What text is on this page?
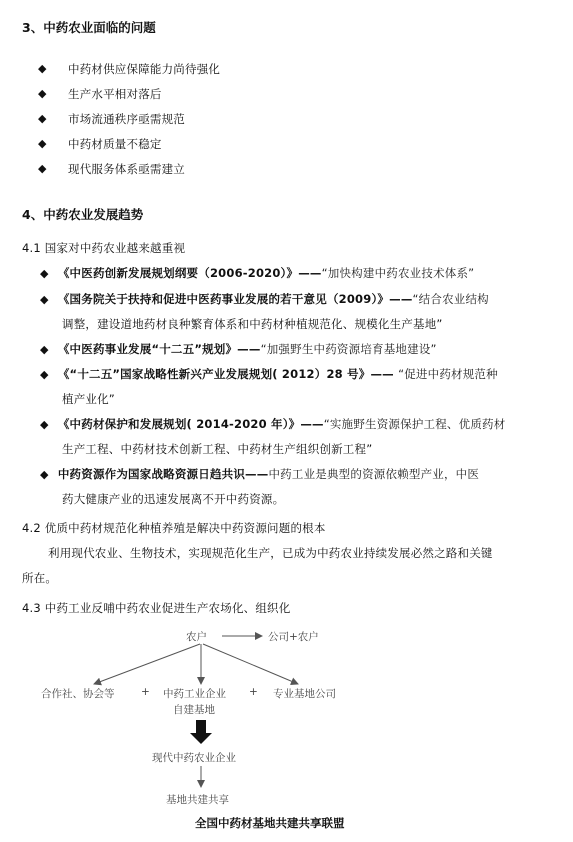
3、中药农业面临的问题
◆ 中药材供应保障能力尚待强化
◆ 生产水平相对落后
◆ 市场流通秩序亟需规范
◆ 中药材质量不稳定
◆ 现代服务体系亟需建立
4、中药农业发展趋势
4.1 国家对中药农业越来越重视
◆ 《中医药创新发展规划纲要（2006-2020）》——“加快构建中药农业技术体系”
◆ 《国务院关于扶持和促进中医药事业发展的若干意见（2009）》——“结合农业结构
调整，建设道地药材良种繁育体系和中药材种植规范化、规模化生产基地”
◆ 《中医药事业发展“十二五”规划》——“加强野生中药资源培育基地建设”
◆ 《“十二五”国家战略性新兴产业发展规划( 2012）28 号》—— “促进中药材规范种
植产业化”
◆ 《中药材保护和发展规划( 2014-2020 年）》——“实施野生资源保护工程、优质药材
生产工程、中药材技术创新工程、中药材生产组织创新工程”
◆ 中药资源作为国家战略资源日趋共识——中药工业是典型的资源依赖型产业，中医
药大健康产业的迅速发展离不开中药资源。
4.2 优质中药材规范化种植养殖是解决中药资源问题的根本
利用现代农业、生物技术，实现规范化生产，已成为中药农业持续发展必然之路和关键
所在。
4.3 中药工业反哺中药农业促进生产农场化、组织化
农户	公司+农户
合作社、协会等	+ 中药工业企业
自建基地
+ 专业基地公司
现代中药农业企业
基地共建共享
全国中药材基地共建共享联盟
